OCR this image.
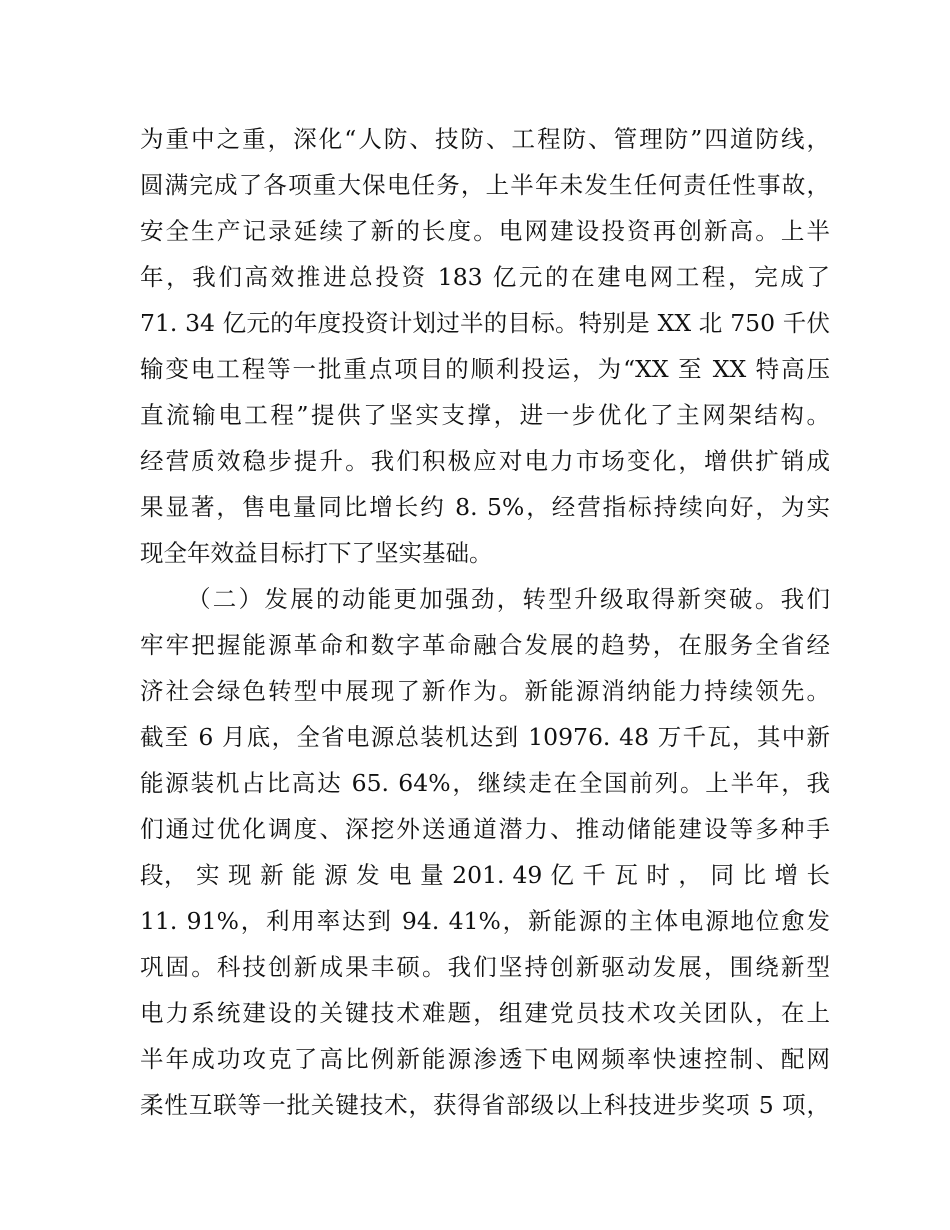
为重中之重，深化“人防、技防、工程防、管理防”四道防线，
圆满完成了各项重大保电任务，上半年未发生任何责任性事故，
安全生产记录延续了新的长度。电网建设投资再创新高。上半
年，我们高效推进总投资 183 亿元的在建电网工程，完成了
71. 34 亿元的年度投资计划过半的目标。特别是 XX 北 750 千伏
输变电工程等一批重点项目的顺利投运，为“XX 至 XX 特高压
直流输电工程”提供了坚实支撑，进一步优化了主网架结构。
经营质效稳步提升。我们积极应对电力市场变化，增供扩销成
果显著，售电量同比增长约 8. 5%，经营指标持续向好，为实
现全年效益目标打下了坚实基础。
（二）发展的动能更加强劲，转型升级取得新突破。我们
牢牢把握能源革命和数字革命融合发展的趋势，在服务全省经
济社会绿色转型中展现了新作为。新能源消纳能力持续领先。
截至 6 月底，全省电源总装机达到 10976. 48 万千瓦，其中新
能源装机占比高达 65. 64%，继续走在全国前列。上半年，我
们通过优化调度、深挖外送通道潜力、推动储能建设等多种手
段， 实 现 新 能 源 发 电 量 201. 49 亿 千 瓦 时 ， 同 比 增 长
11. 91%，利用率达到 94. 41%，新能源的主体电源地位愈发
巩固。科技创新成果丰硕。我们坚持创新驱动发展，围绕新型
电力系统建设的关键技术难题，组建党员技术攻关团队，在上
半年成功攻克了高比例新能源渗透下电网频率快速控制、配网
柔性互联等一批关键技术，获得省部级以上科技进步奖项 5 项，
